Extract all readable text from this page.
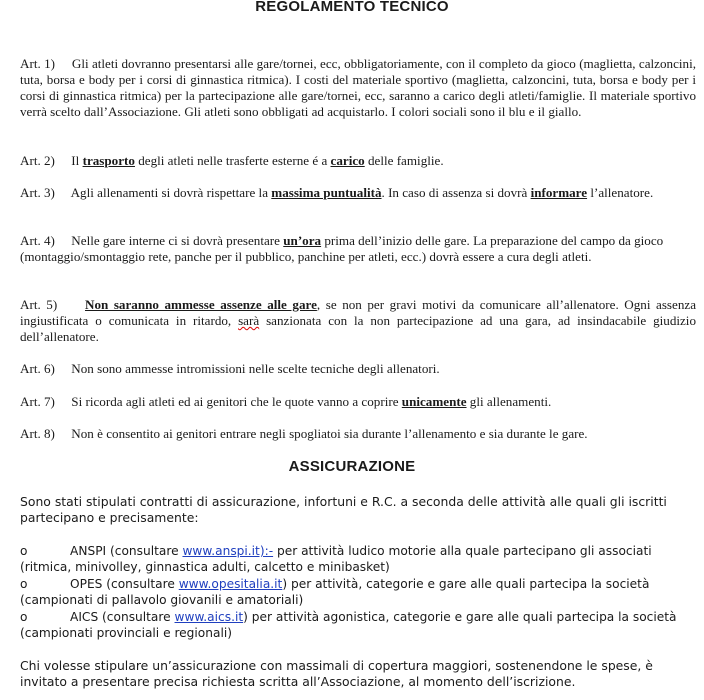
REGOLAMENTO TECNICO

Art. 1) Gli atleti dovranno presentarsi alle gare/tornei, ecc, obbligatoriamente, con il completo da gioco (maglietta, calzoncini, tuta, borsa e body per i corsi di ginnastica ritmica). I costi del materiale sportivo (maglietta, calzoncini, tuta, borsa e body per i corsi di ginnastica ritmica) per la partecipazione alle gare/tornei, ecc, saranno a carico degli atleti/famiglie. Il materiale sportivo verrà scelto dall’Associazione. Gli atleti sono obbligati ad acquistarlo. I colori sociali sono il blu e il giallo.

Art. 2) Il trasporto degli atleti nelle trasferte esterne é a carico delle famiglie.

Art. 3) Agli allenamenti si dovrà rispettare la massima puntualità. In caso di assenza si dovrà informare l’allenatore.

Art. 4) Nelle gare interne ci si dovrà presentare un’ora prima dell’inizio delle gare. La preparazione del campo da gioco (montaggio/smontaggio rete, panche per il pubblico, panchine per atleti, ecc.) dovrà essere a cura degli atleti.

Art. 5) Non saranno ammesse assenze alle gare, se non per gravi motivi da comunicare all’allenatore. Ogni assenza ingiustificata o comunicata in ritardo, sarà sanzionata con la non partecipazione ad una gara, ad insindacabile giudizio dell’allenatore.

Art. 6) Non sono ammesse intromissioni nelle scelte tecniche degli allenatori.

Art. 7) Si ricorda agli atleti ed ai genitori che le quote vanno a coprire unicamente gli allenamenti.

Art. 8) Non è consentito ai genitori entrare negli spogliatoi sia durante l’allenamento e sia durante le gare.

ASSICURAZIONE

Sono stati stipulati contratti di assicurazione, infortuni e R.C. a seconda delle attività alle quali gli iscritti partecipano e precisamente:

o	ANSPI (consultare www.anspi.it):- per attività ludico motorie alla quale partecipano gli associati (ritmica, minivolley, ginnastica adulti, calcetto e minibasket)

o	OPES (consultare www.opesitalia.it) per attività, categorie e gare alle quali partecipa la società (campionati di pallavolo giovanili e amatoriali)

o	AICS (consultare www.aics.it) per attività agonistica, categorie e gare alle quali partecipa la società (campionati provinciali e regionali)

Chi volesse stipulare un’assicurazione con massimali di copertura maggiori, sostenendone le spese, è invitato a presentare precisa richiesta scritta all’Associazione, al momento dell’iscrizione.
